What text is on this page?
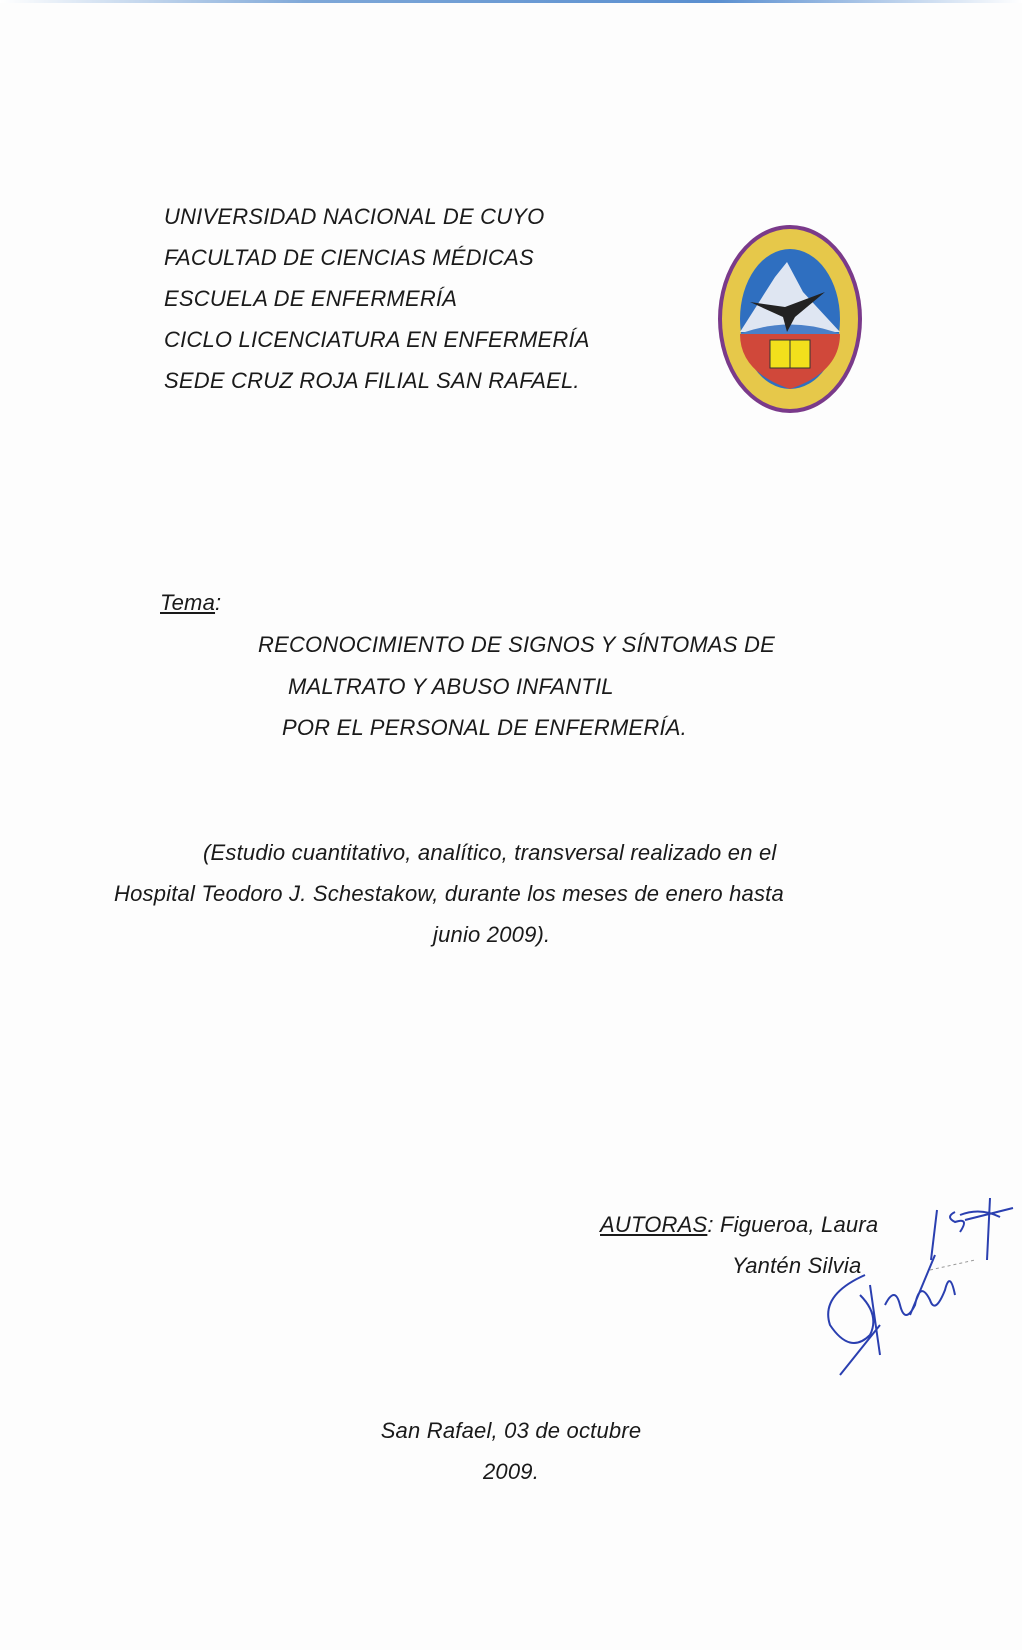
UNIVERSIDAD NACIONAL DE CUYO
FACULTAD DE CIENCIAS MÉDICAS
ESCUELA DE ENFERMERÍA
CICLO LICENCIATURA EN ENFERMERÍA
SEDE CRUZ ROJA FILIAL SAN RAFAEL.
Tema:
RECONOCIMIENTO DE SIGNOS Y SÍNTOMAS DE
MALTRATO Y ABUSO INFANTIL
POR EL PERSONAL DE ENFERMERÍA.
(Estudio cuantitativo, analítico, transversal realizado en el
Hospital Teodoro J. Schestakow, durante los meses de enero hasta
junio 2009).
AUTORAS: Figueroa, Laura
Yantén Silvia
San Rafael, 03 de octubre
2009.
